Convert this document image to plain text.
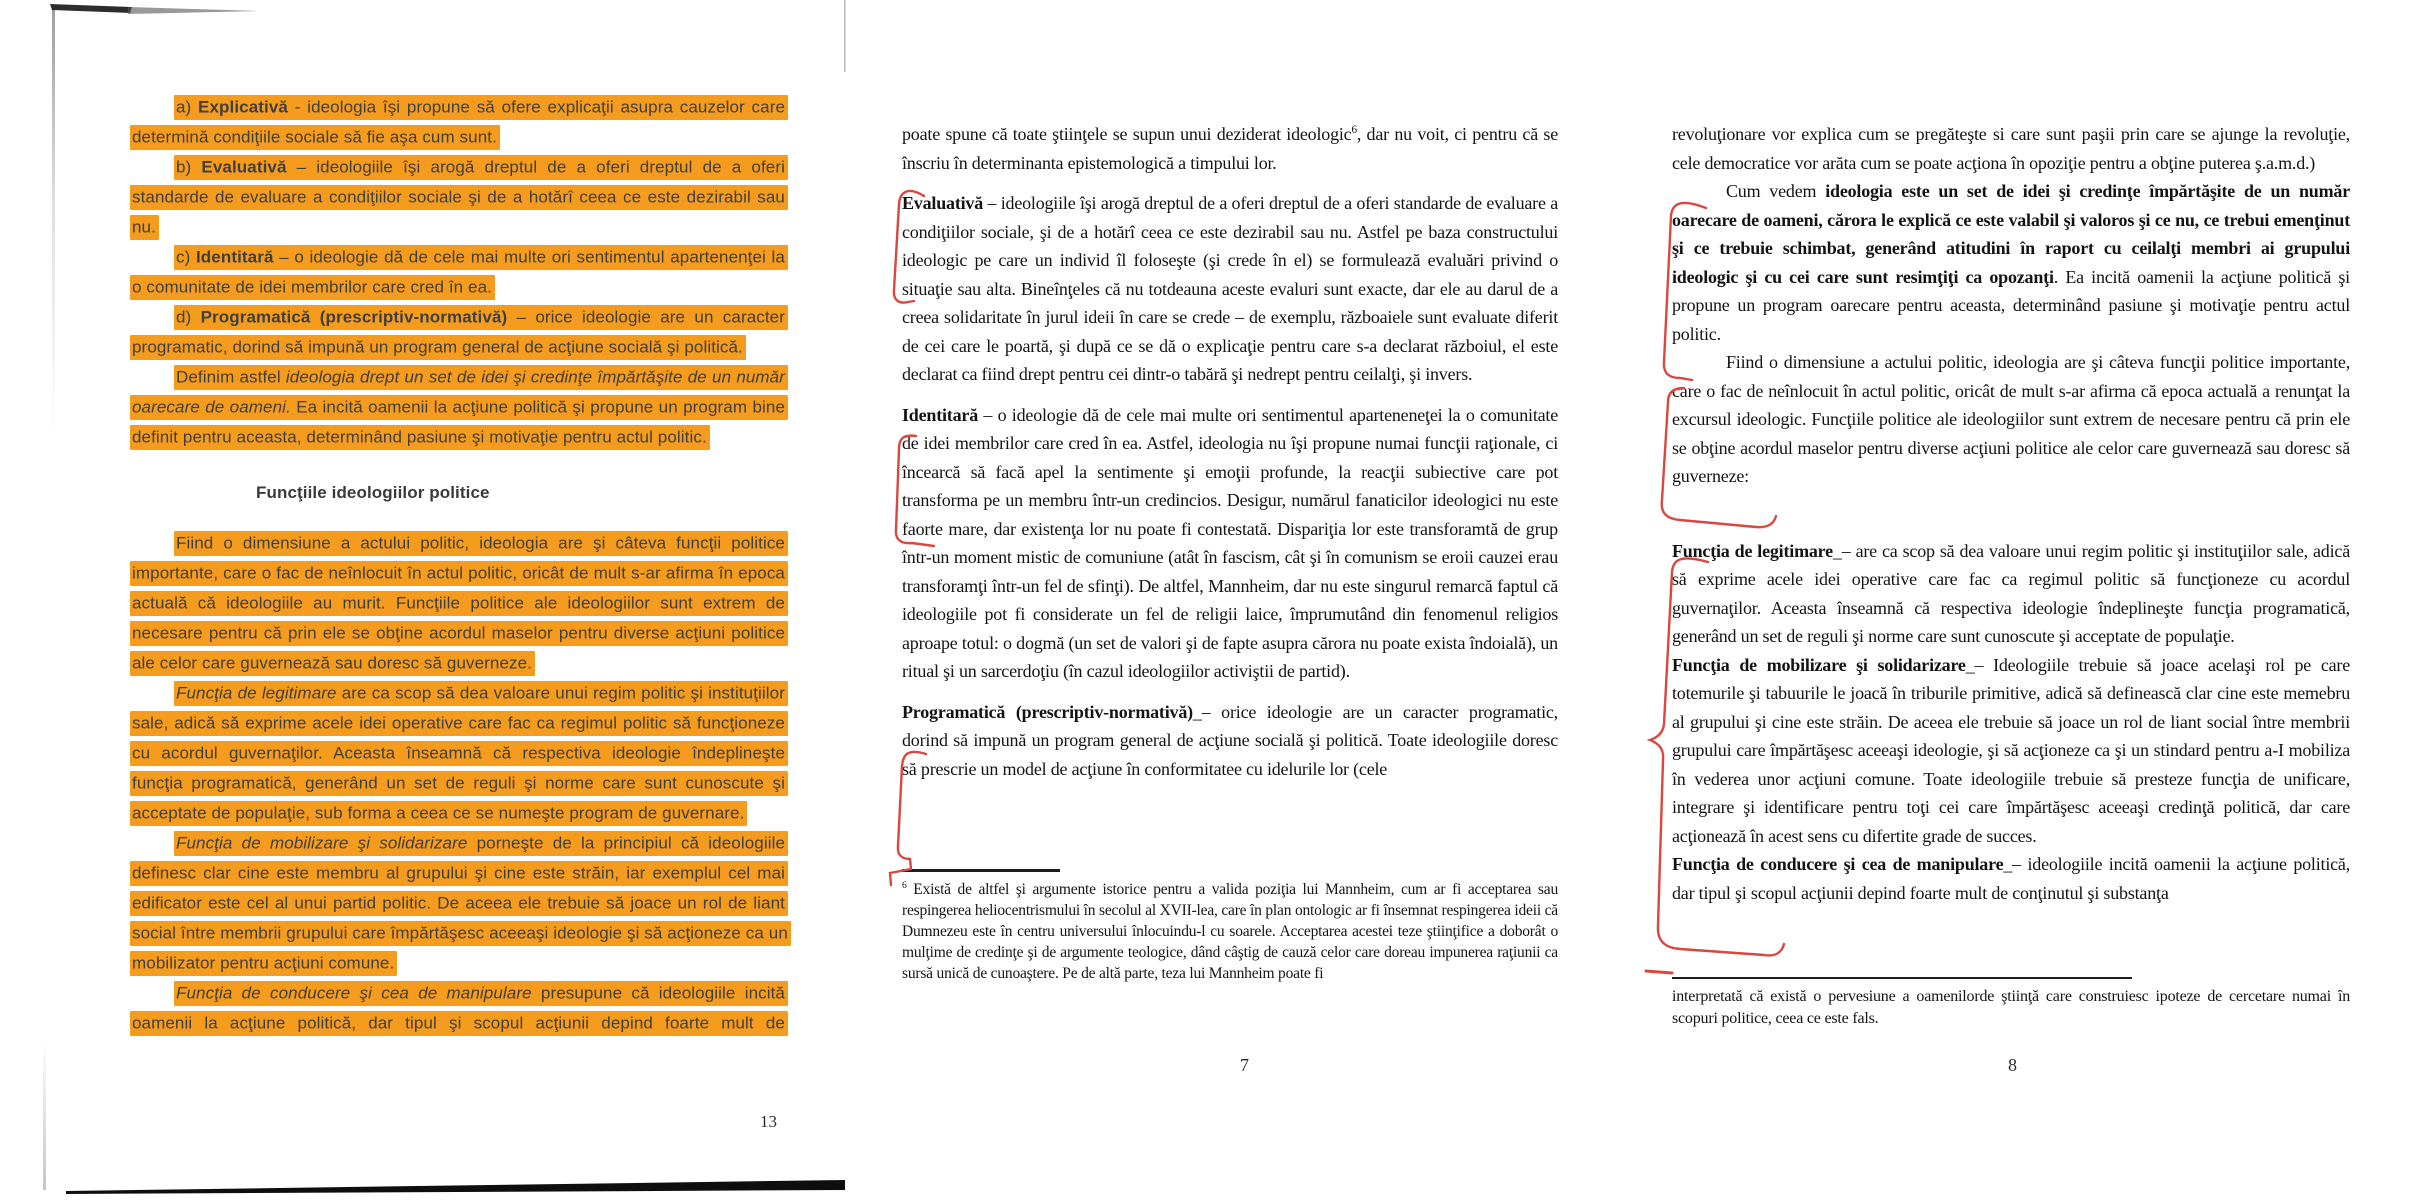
a) Explicativă - ideologia îşi propune să ofere explicaţii asupra cauzelor care determină condiţiile sociale să fie aşa cum sunt.

b) Evaluativă – ideologiile îşi arogă dreptul de a oferi dreptul de a oferi standarde de evaluare a condiţiilor sociale şi de a hotărî ceea ce este dezirabil sau nu.

c) Identitară – o ideologie dă de cele mai multe ori sentimentul apartenenţei la o comunitate de idei membrilor care cred în ea.

d) Programatică (prescriptiv-normativă) – orice ideologie are un caracter programatic, dorind să impună un program general de acţiune socială şi politică.

Definim astfel ideologia drept un set de idei şi credinţe împărtăşite de un număr oarecare de oameni. Ea incită oamenii la acţiune politică şi propune un program bine definit pentru aceasta, determinând pasiune şi motivaţie pentru actul politic.

Funcţiile ideologiilor politice

Fiind o dimensiune a actului politic, ideologia are şi câteva funcţii politice importante, care o fac de neînlocuit în actul politic, oricât de mult s-ar afirma în epoca actuală că ideologiile au murit. Funcţiile politice ale ideologiilor sunt extrem de necesare pentru că prin ele se obţine acordul maselor pentru diverse acţiuni politice ale celor care guvernează sau doresc să guverneze.

Funcţia de legitimare are ca scop să dea valoare unui regim politic şi instituţiilor sale, adică să exprime acele idei operative care fac ca regimul politic să funcţioneze cu acordul guvernaţilor. Aceasta înseamnă că respectiva ideologie îndeplineşte funcţia programatică, generând un set de reguli şi norme care sunt cunoscute şi acceptate de populaţie, sub forma a ceea ce se numeşte program de guvernare.

Funcţia de mobilizare şi solidarizare porneşte de la principiul că ideologiile definesc clar cine este membru al grupului şi cine este străin, iar exemplul cel mai edificator este cel al unui partid politic. De aceea ele trebuie să joace un rol de liant social între membrii grupului care împărtăşesc aceeaşi ideologie şi să acţioneze ca un mobilizator pentru acţiuni comune.

Funcţia de conducere şi cea de manipulare presupune că ideologiile incită oamenii la acţiune politică, dar tipul şi scopul acţiunii depind foarte mult de

13

poate spune că toate ştiinţele se supun unui deziderat ideologic$^6$, dar nu voit, ci pentru că se înscriu în determinanta epistemologică a timpului lor.

Evaluativă – ideologiile îşi arogă dreptul de a oferi dreptul de a oferi standarde de evaluare a condiţiilor sociale, şi de a hotărî ceea ce este dezirabil sau nu. Astfel pe baza constructului ideologic pe care un individ îl foloseşte (şi crede în el) se formulează evaluări privind o situaţie sau alta. Bineînţeles că nu totdeauna aceste evaluri sunt exacte, dar ele au darul de a creea solidaritate în jurul ideii în care se crede – de exemplu, războaiele sunt evaluate diferit de cei care le poartă, şi după ce se dă o explicaţie pentru care s-a declarat războiul, el este declarat ca fiind drept pentru cei dintr-o tabără şi nedrept pentru ceilalţi, şi invers.

Identitară – o ideologie dă de cele mai multe ori sentimentul aparteneneţei la o comunitate de idei membrilor care cred în ea. Astfel, ideologia nu îşi propune numai funcţii raţionale, ci încearcă să facă apel la sentimente şi emoţii profunde, la reacţii subiective care pot transforma pe un membru într-un credincios. Desigur, numărul fanaticilor ideologici nu este faorte mare, dar existenţa lor nu poate fi contestată. Dispariţia lor este transforamtă de grup într-un moment mistic de comuniune (atât în fascism, cât şi în comunism se eroii cauzei erau transforamţi într-un fel de sfinţi). De altfel, Mannheim, dar nu este singurul remarcă faptul că ideologiile pot fi considerate un fel de religii laice, împrumutând din fenomenul religios aproape totul: o dogmă (un set de valori şi de fapte asupra cărora nu poate exista îndoială), un ritual şi un sarcerdoţiu (în cazul ideologiilor activiştii de partid).

Programatică (prescriptiv-normativă)_– orice ideologie are un caracter programatic, dorind să impună un program general de acţiune socială şi politică. Toate ideologiile doresc să prescrie un model de acţiune în conformitatee cu idelurile lor (cele

$^6$ Există de altfel şi argumente istorice pentru a valida poziţia lui Mannheim, cum ar fi acceptarea sau respingerea heliocentrismului în secolul al XVII-lea, care în plan ontologic ar fi însemnat respingerea ideii că Dumnezeu este în centru universului înlocuindu-l cu soarele. Acceptarea acestei teze ştiinţifice a doborât o mulţime de credinţe şi de argumente teologice, dând câştig de cauză celor care doreau impunerea raţiunii ca sursă unică de cunoaştere. Pe de altă parte, teza lui Mannheim poate fi
7

revoluţionare vor explica cum se pregăteşte si care sunt paşii prin care se ajunge la revoluţie, cele democratice vor arăta cum se poate acţiona în opoziţie pentru a obţine puterea ş.a.m.d.)

Cum vedem ideologia este un set de idei şi credinţe împărtăşite de un număr oarecare de oameni, cărora le explică ce este valabil şi valoros şi ce nu, ce trebui emenţinut şi ce trebuie schimbat, generând atitudini în raport cu ceilalţi membri ai grupului ideologic şi cu cei care sunt resimţiţi ca opozanţi. Ea incită oamenii la acţiune politică şi propune un program oarecare pentru aceasta, determinând pasiune şi motivaţie pentru actul politic.

Fiind o dimensiune a actului politic, ideologia are şi câteva funcţii politice importante, care o fac de neînlocuit în actul politic, oricât de mult s-ar afirma că epoca actuală a renunţat la excursul ideologic. Funcţiile politice ale ideologiilor sunt extrem de necesare pentru că prin ele se obţine acordul maselor pentru diverse acţiuni politice ale celor care guvernează sau doresc să guverneze:

Funcţia de legitimare_– are ca scop să dea valoare unui regim politic şi instituţiilor sale, adică să exprime acele idei operative care fac ca regimul politic să funcţioneze cu acordul guvernaţilor. Aceasta înseamnă că respectiva ideologie îndeplineşte funcţia programatică, generând un set de reguli şi norme care sunt cunoscute şi acceptate de populaţie.

Funcţia de mobilizare şi solidarizare_– Ideologiile trebuie să joace acelaşi rol pe care totemurile şi tabuurile le joacă în triburile primitive, adică să definească clar cine este memebru al grupului şi cine este străin. De aceea ele trebuie să joace un rol de liant social între membrii grupului care împărtăşesc aceeaşi ideologie, şi să acţioneze ca şi un stindard pentru a-I mobiliza în vederea unor acţiuni comune. Toate ideologiile trebuie să presteze funcţia de unificare, integrare şi identificare pentru toţi cei care împărtăşesc aceeaşi credinţă politică, dar care acţionează în acest sens cu difertite grade de succes.

Funcţia de conducere şi cea de manipulare_– ideologiile incită oamenii la acţiune politică, dar tipul şi scopul acţiunii depind foarte mult de conţinutul şi substanţa

interpretată că există o pervesiune a oamenilorde ştiinţă care construiesc ipoteze de cercetare numai în scopuri politice, ceea ce este fals.
8
